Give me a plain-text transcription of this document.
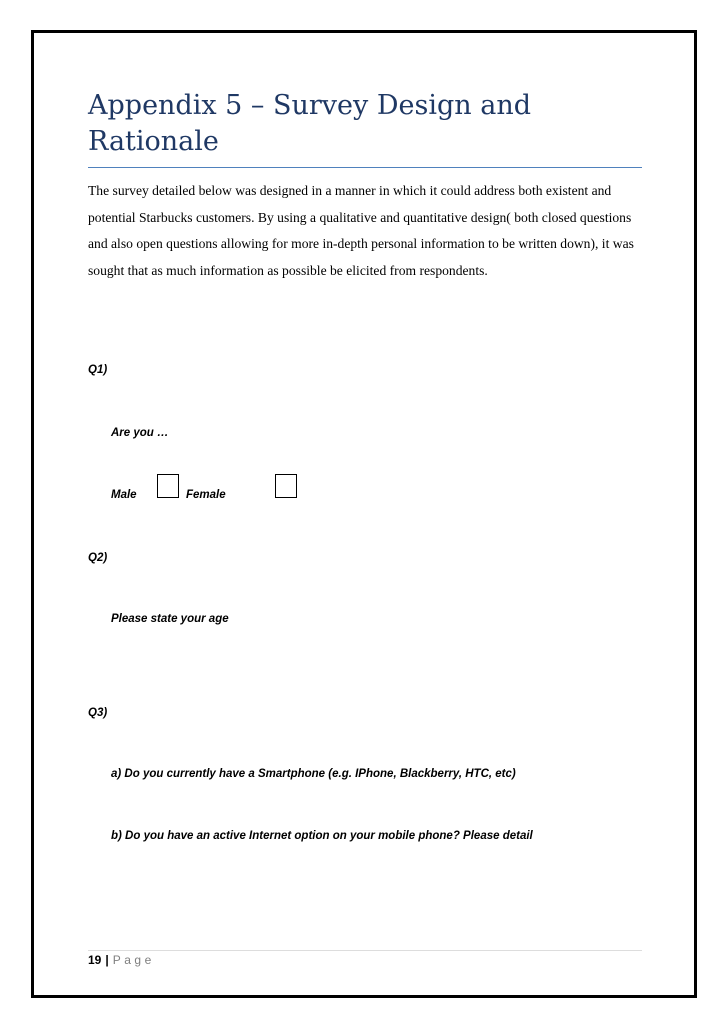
Appendix 5 – Survey Design and Rationale

The survey detailed below was designed in a manner in which it could address both existent and potential Starbucks customers. By using a qualitative and quantitative design( both closed questions and also open questions allowing for more in-depth personal information to be written down), it was sought that as much information as possible be elicited from respondents.

Q1)
Are you …
Male	Female
Q2)
Please state your age
Q3)
a) Do you currently have a Smartphone (e.g. IPhone, Blackberry, HTC, etc)
b) Do you have an active Internet option on your mobile phone? Please detail
19 | Page
